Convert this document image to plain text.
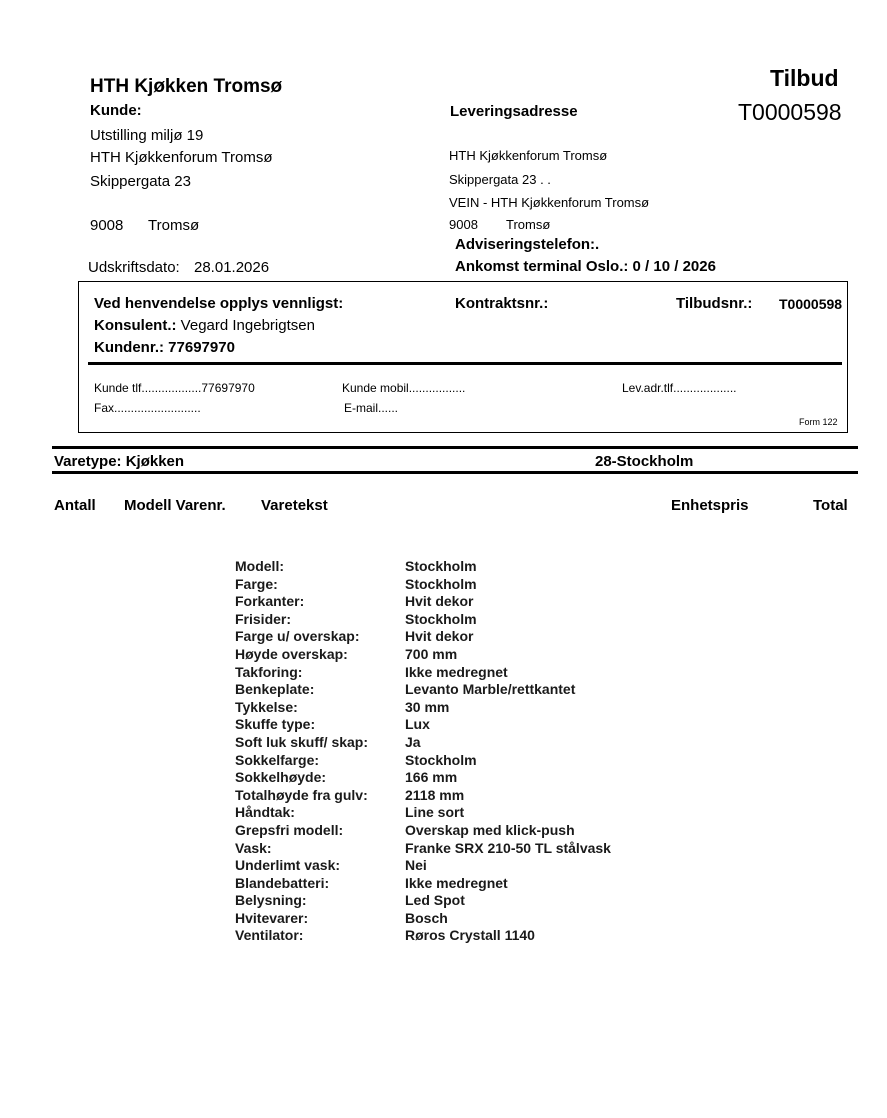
HTH Kjøkken Tromsø	Tilbud
T0000598
Kunde:
Utstilling miljø 19
HTH Kjøkkenforum Tromsø
Skippergata 23
9008 Tromsø
Udskriftsdato: 28.01.2026
Leveringsadresse
HTH Kjøkkenforum Tromsø
Skippergata 23 . .
VEIN - HTH Kjøkkenforum Tromsø
9008 Tromsø
Adviseringstelefon:.
Ankomst terminal Oslo.: 0 / 10 / 2026
Ved henvendelse opplys vennligst:	Kontraktsnr.:	Tilbudsnr.: T0000598
Konsulent.: Vegard Ingebrigtsen
Kundenr.: 77697970
Kunde tlf..................77697970	Kunde mobil.................	Lev.adr.tlf...................
Fax..........................	E-mail......
Form 122
Varetype: Kjøkken	28-Stockholm
Antall Modell Varenr. Varetekst	Enhetspris	Total
Modell:	Stockholm
Farge:	Stockholm
Forkanter:	Hvit dekor
Frisider:	Stockholm
Farge u/ overskap:	Hvit dekor
Høyde overskap:	700 mm
Takforing:	Ikke medregnet
Benkeplate:	Levanto Marble/rettkantet
Tykkelse:	30 mm
Skuffe type:	Lux
Soft luk skuff/ skap:	Ja
Sokkelfarge:	Stockholm
Sokkelhøyde:	166 mm
Totalhøyde fra gulv:	2118 mm
Håndtak:	Line sort
Grepsfri modell:	Overskap med klick-push
Vask:	Franke SRX 210-50 TL stålvask
Underlimt vask:	Nei
Blandebatteri:	Ikke medregnet
Belysning:	Led Spot
Hvitevarer:	Bosch
Ventilator:	Røros Crystall 1140
